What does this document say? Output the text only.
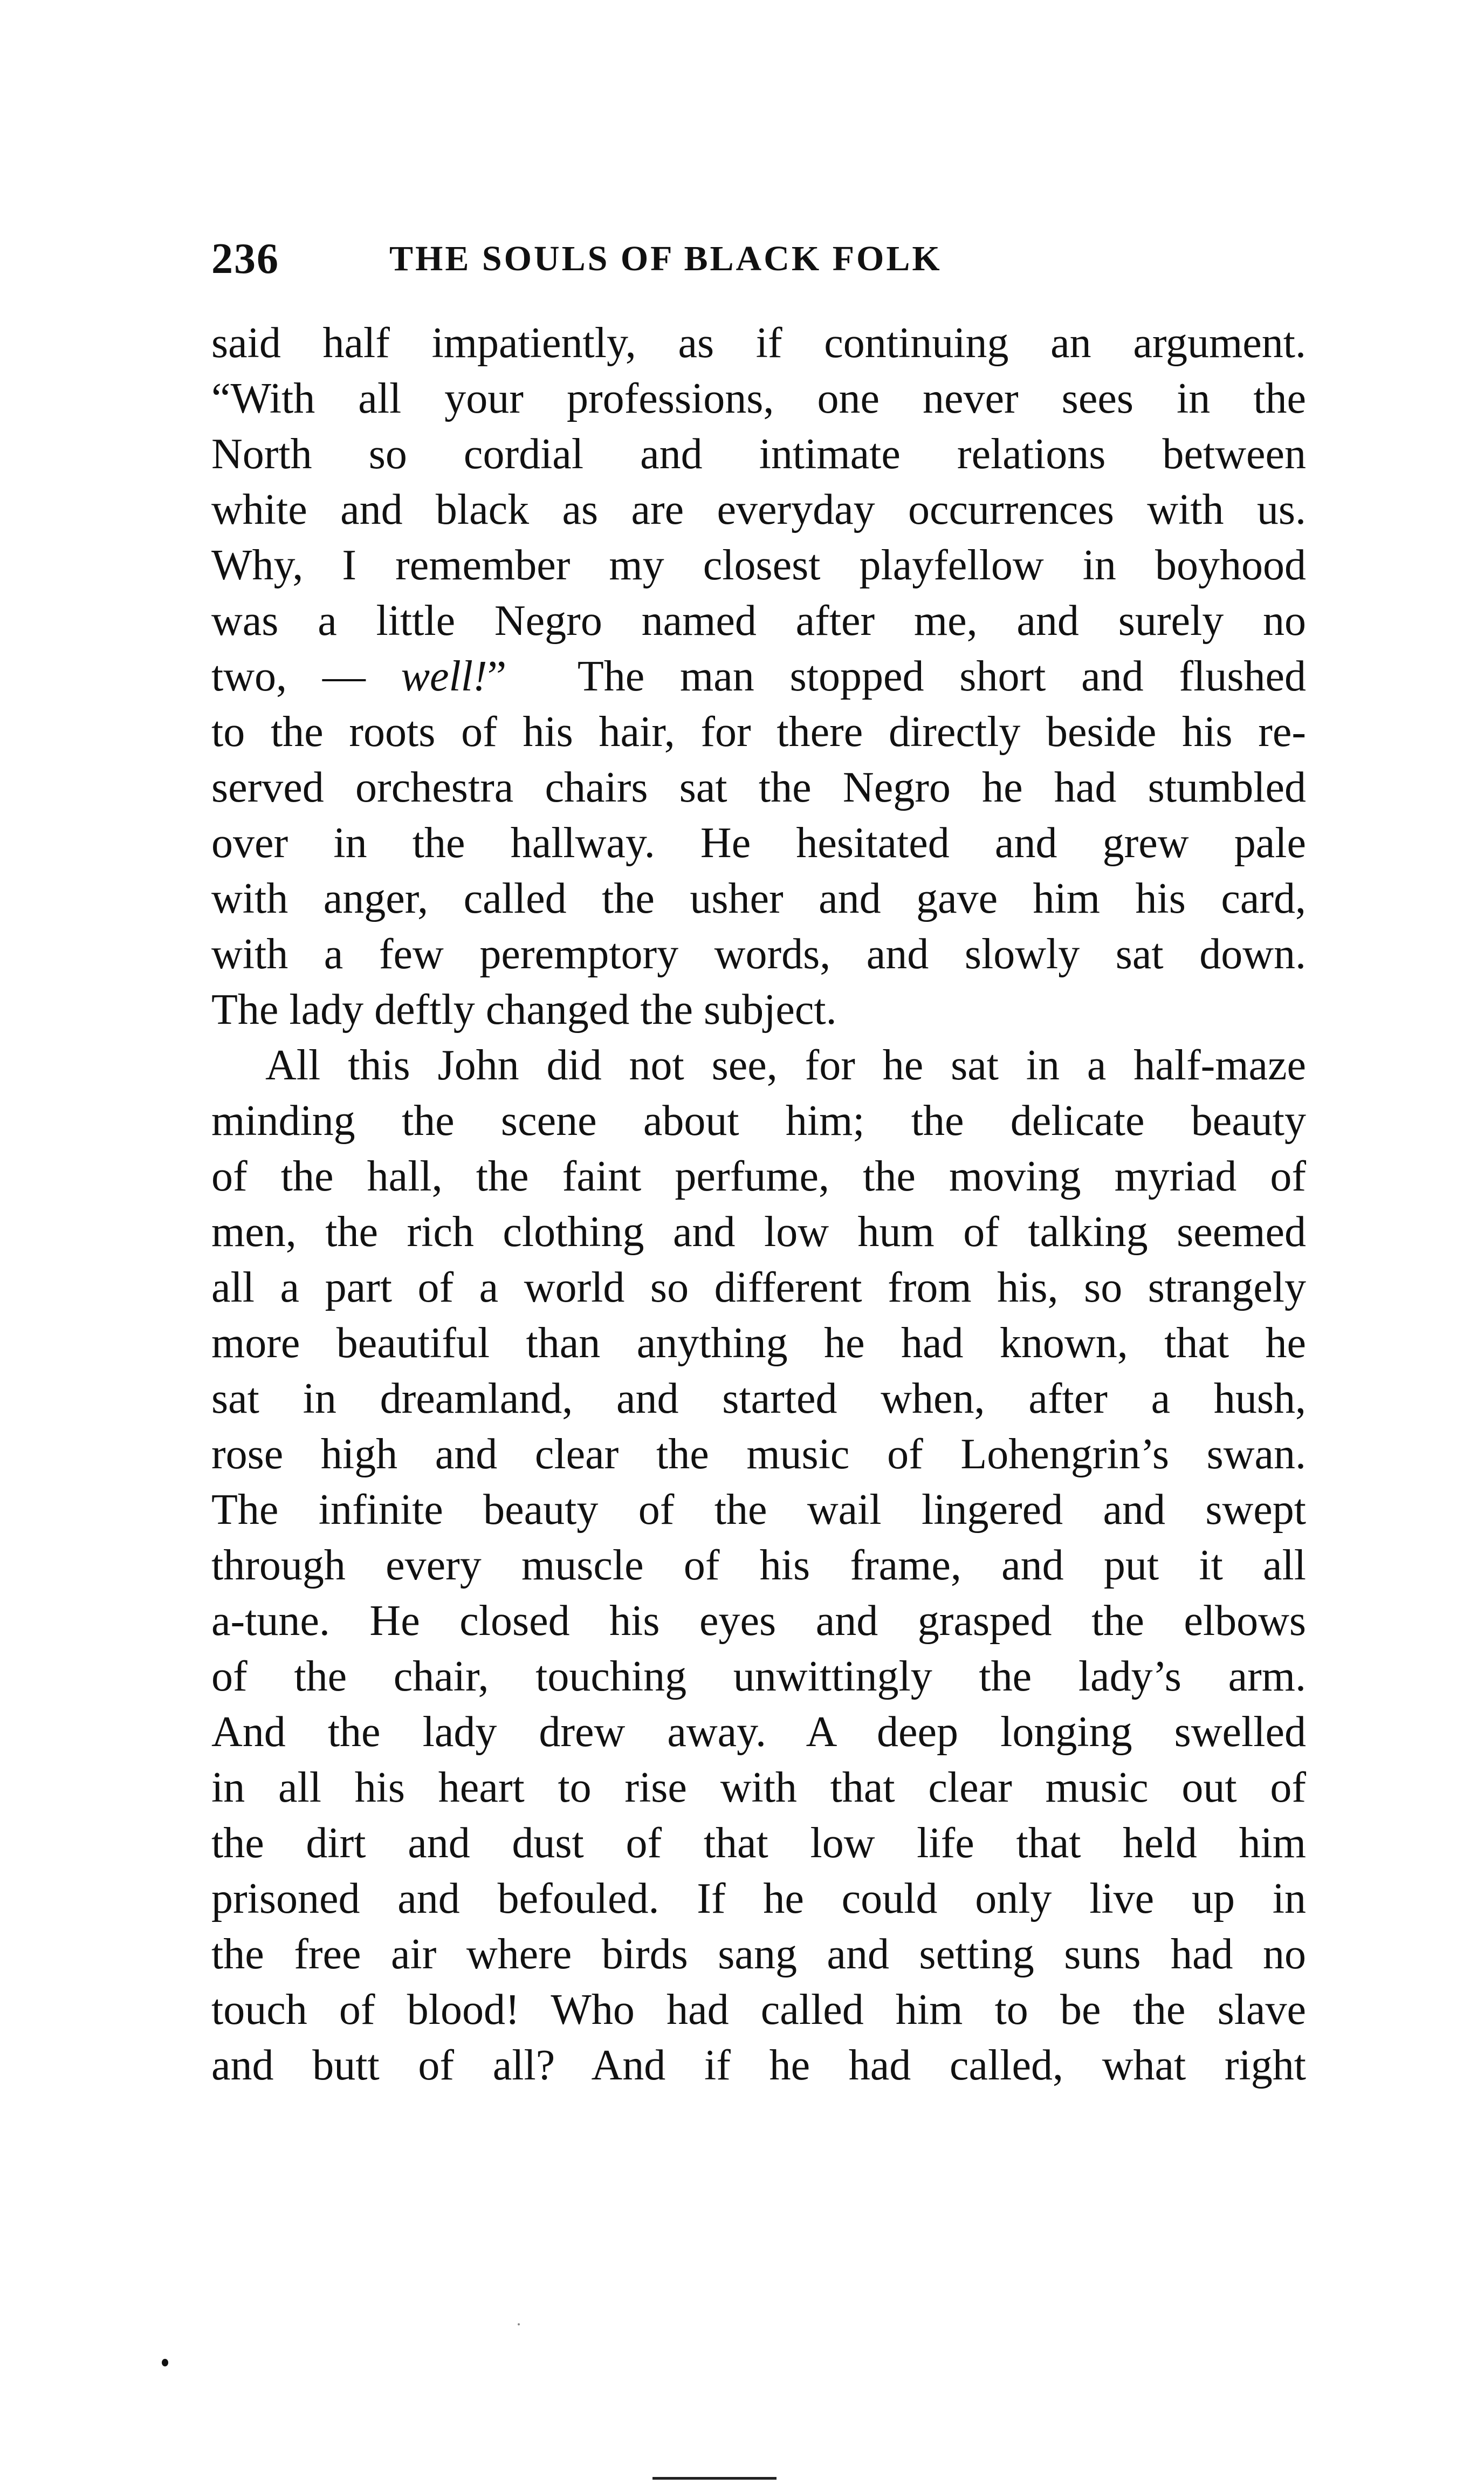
236	THE SOULS OF BLACK FOLK
said half impatiently, as if continuing an argument.
“With all your professions, one never sees in the
North so cordial and intimate relations between
white and black as are everyday occurrences with us.
Why, I remember my closest playfellow in boyhood
was a little Negro named after me, and surely no
two, — well!” The man stopped short and flushed
to the roots of his hair, for there directly beside his re-
served orchestra chairs sat the Negro he had stumbled
over in the hallway. He hesitated and grew pale
with anger, called the usher and gave him his card,
with a few peremptory words, and slowly sat down.
The lady deftly changed the subject.
All this John did not see, for he sat in a half-maze
minding the scene about him; the delicate beauty
of the hall, the faint perfume, the moving myriad of
men, the rich clothing and low hum of talking seemed
all a part of a world so different from his, so strangely
more beautiful than anything he had known, that he
sat in dreamland, and started when, after a hush,
rose high and clear the music of Lohengrin’s swan.
The infinite beauty of the wail lingered and swept
through every muscle of his frame, and put it all
a-tune. He closed his eyes and grasped the elbows
of the chair, touching unwittingly the lady’s arm.
And the lady drew away. A deep longing swelled
in all his heart to rise with that clear music out of
the dirt and dust of that low life that held him
prisoned and befouled. If he could only live up in
the free air where birds sang and setting suns had no
touch of blood! Who had called him to be the slave
and butt of all? And if he had called, what right
